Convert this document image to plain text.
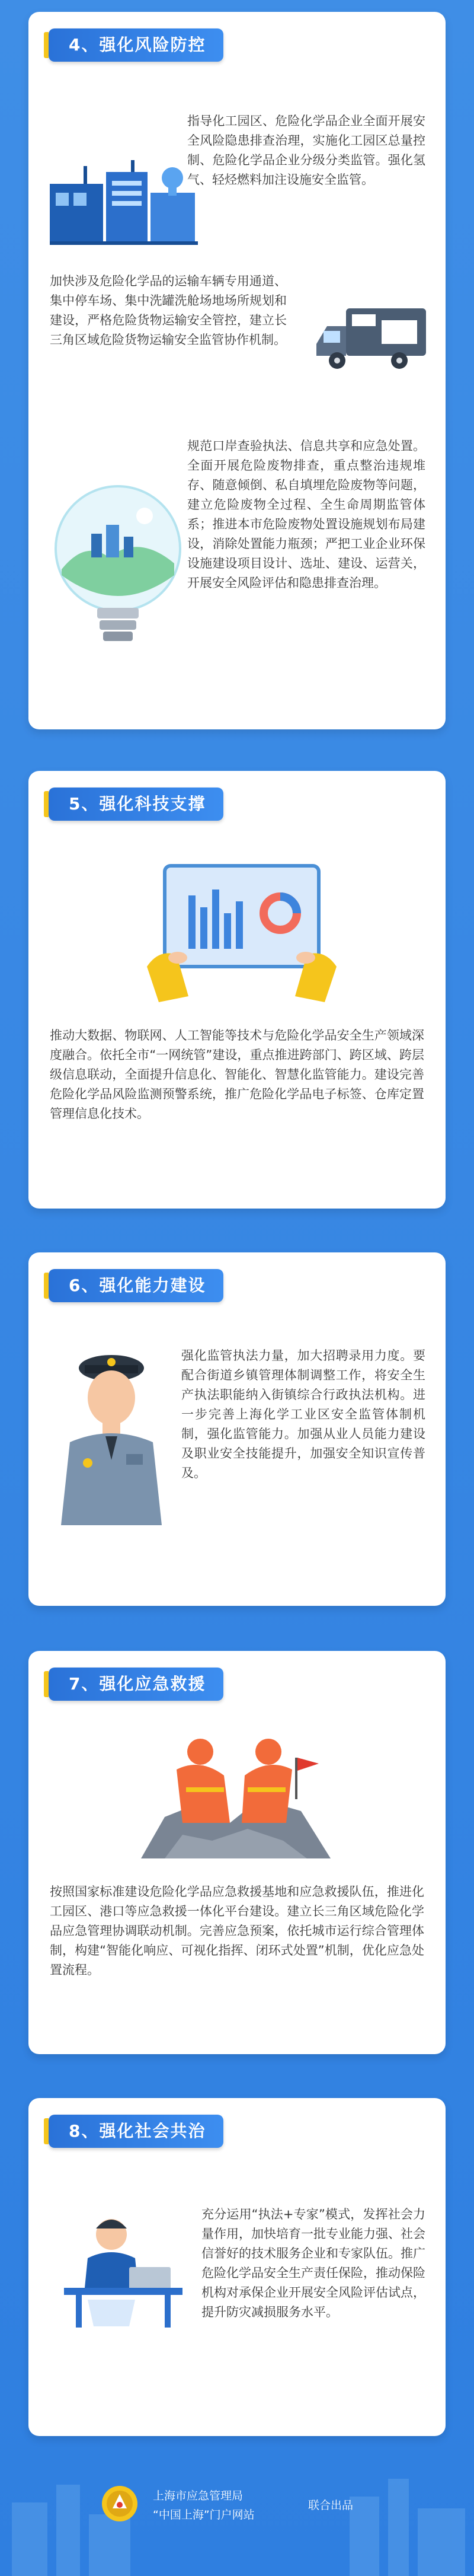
4、强化风险防控
指导化工园区、危险化学品企业全面开展安全风险隐患排查治理，实施化工园区总量控制、危险化学品企业分级分类监管。强化氢气、轻烃燃料加注设施安全监管。
加快涉及危险化学品的运输车辆专用通道、集中停车场、集中洗罐洗舱场地场所规划和建设，严格危险货物运输安全管控，建立长三角区域危险货物运输安全监管协作机制。
规范口岸查验执法、信息共享和应急处置。全面开展危险废物排查，重点整治违规堆存、随意倾倒、私自填埋危险废物等问题，建立危险废物全过程、全生命周期监管体系；推进本市危险废物处置设施规划布局建设，消除处置能力瓶颈；严把工业企业环保设施建设项目设计、选址、建设、运营关，开展安全风险评估和隐患排查治理。
5、强化科技支撑
推动大数据、物联网、人工智能等技术与危险化学品安全生产领域深度融合。依托全市“一网统管”建设，重点推进跨部门、跨区域、跨层级信息联动，全面提升信息化、智能化、智慧化监管能力。建设完善危险化学品风险监测预警系统，推广危险化学品电子标签、仓库定置管理信息化技术。
6、强化能力建设
强化监管执法力量，加大招聘录用力度。要配合街道乡镇管理体制调整工作，将安全生产执法职能纳入街镇综合行政执法机构。进一步完善上海化学工业区安全监管体制机制，强化监管能力。加强从业人员能力建设及职业安全技能提升，加强安全知识宣传普及。
7、强化应急救援
按照国家标准建设危险化学品应急救援基地和应急救援队伍，推进化工园区、港口等应急救援一体化平台建设。建立长三角区域危险化学品应急管理协调联动机制。完善应急预案，依托城市运行综合管理体制，构建“智能化响应、可视化指挥、闭环式处置”机制，优化应急处置流程。
8、强化社会共治
充分运用“执法+专家”模式，发挥社会力量作用，加快培育一批专业能力强、社会信誉好的技术服务企业和专家队伍。推广危险化学品安全生产责任保险，推动保险机构对承保企业开展安全风险评估试点，提升防灾减损服务水平。
上海市应急管理局
“中国上海”门户网站
联合出品
